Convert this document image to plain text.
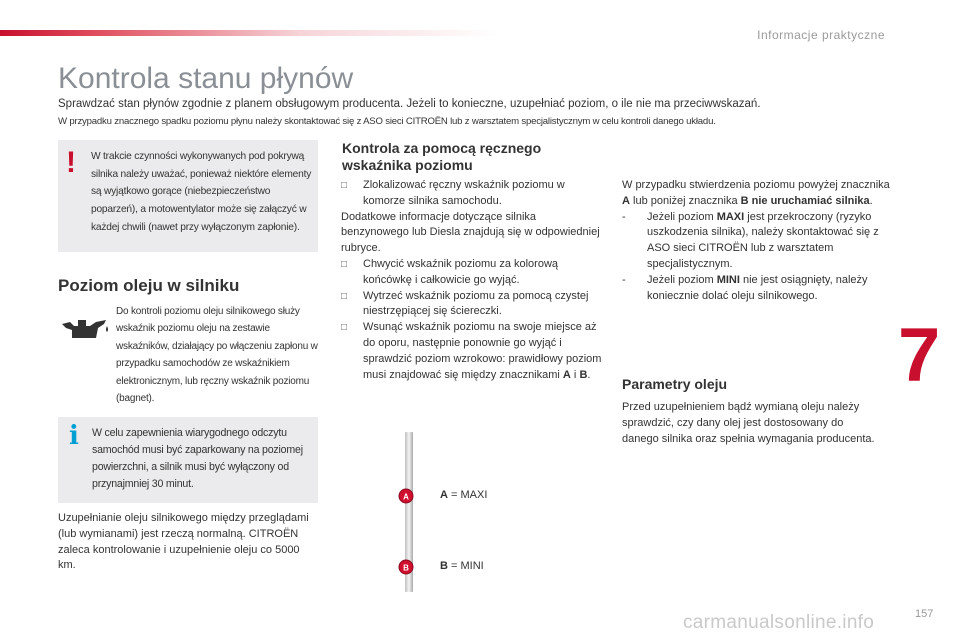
Informacje praktyczne
Kontrola stanu płynów
Sprawdzać stan płynów zgodnie z planem obsługowym producenta. Jeżeli to konieczne, uzupełniać poziom, o ile nie ma przeciwwskazań.
W przypadku znacznego spadku poziomu płynu należy skontaktować się z ASO sieci CITROËN lub z warsztatem specjalistycznym w celu kontroli danego układu.
! W trakcie czynności wykonywanych pod pokrywą silnika należy uważać, ponieważ niektóre elementy są wyjątkowo gorące (niebezpieczeństwo poparzeń), a motowentylator może się załączyć w każdej chwili (nawet przy wyłączonym zapłonie).
Poziom oleju w silniku
Do kontroli poziomu oleju silnikowego służy wskaźnik poziomu oleju na zestawie wskaźników, działający po włączeniu zapłonu w przypadku samochodów ze wskaźnikiem elektronicznym, lub ręczny wskaźnik poziomu (bagnet).
i W celu zapewnienia wiarygodnego odczytu samochód musi być zaparkowany na poziomej powierzchni, a silnik musi być wyłączony od przynajmniej 30 minut.
Uzupełnianie oleju silnikowego między przeglądami (lub wymianami) jest rzeczą normalną. CITROËN zaleca kontrolowanie i uzupełnienie oleju co 5000 km.
Kontrola za pomocą ręcznego
wskaźnika poziomu
□ Zlokalizować ręczny wskaźnik poziomu w komorze silnika samochodu.
Dodatkowe informacje dotyczące silnika benzynowego lub Diesla znajdują się w odpowiedniej rubryce.
□ Chwycić wskaźnik poziomu za kolorową końcówkę i całkowicie go wyjąć.
□ Wytrzeć wskaźnik poziomu za pomocą czystej niestrzępiącej się ściereczki.
□ Wsunąć wskaźnik poziomu na swoje miejsce aż do oporu, następnie ponownie go wyjąć i sprawdzić poziom wzrokowo: prawidłowy poziom musi znajdować się między znacznikami A i B.
A
B
A = MAXI
B = MINI
W przypadku stwierdzenia poziomu powyżej znacznika A lub poniżej znacznika B nie uruchamiać silnika.
- Jeżeli poziom MAXI jest przekroczony (ryzyko uszkodzenia silnika), należy skontaktować się z ASO sieci CITROËN lub z warsztatem specjalistycznym.
- Jeżeli poziom MINI nie jest osiągnięty, należy koniecznie dolać oleju silnikowego.
Parametry oleju
Przed uzupełnieniem bądź wymianą oleju należy sprawdzić, czy dany olej jest dostosowany do danego silnika oraz spełnia wymagania producenta.
7
157
carmanualsonline.info
